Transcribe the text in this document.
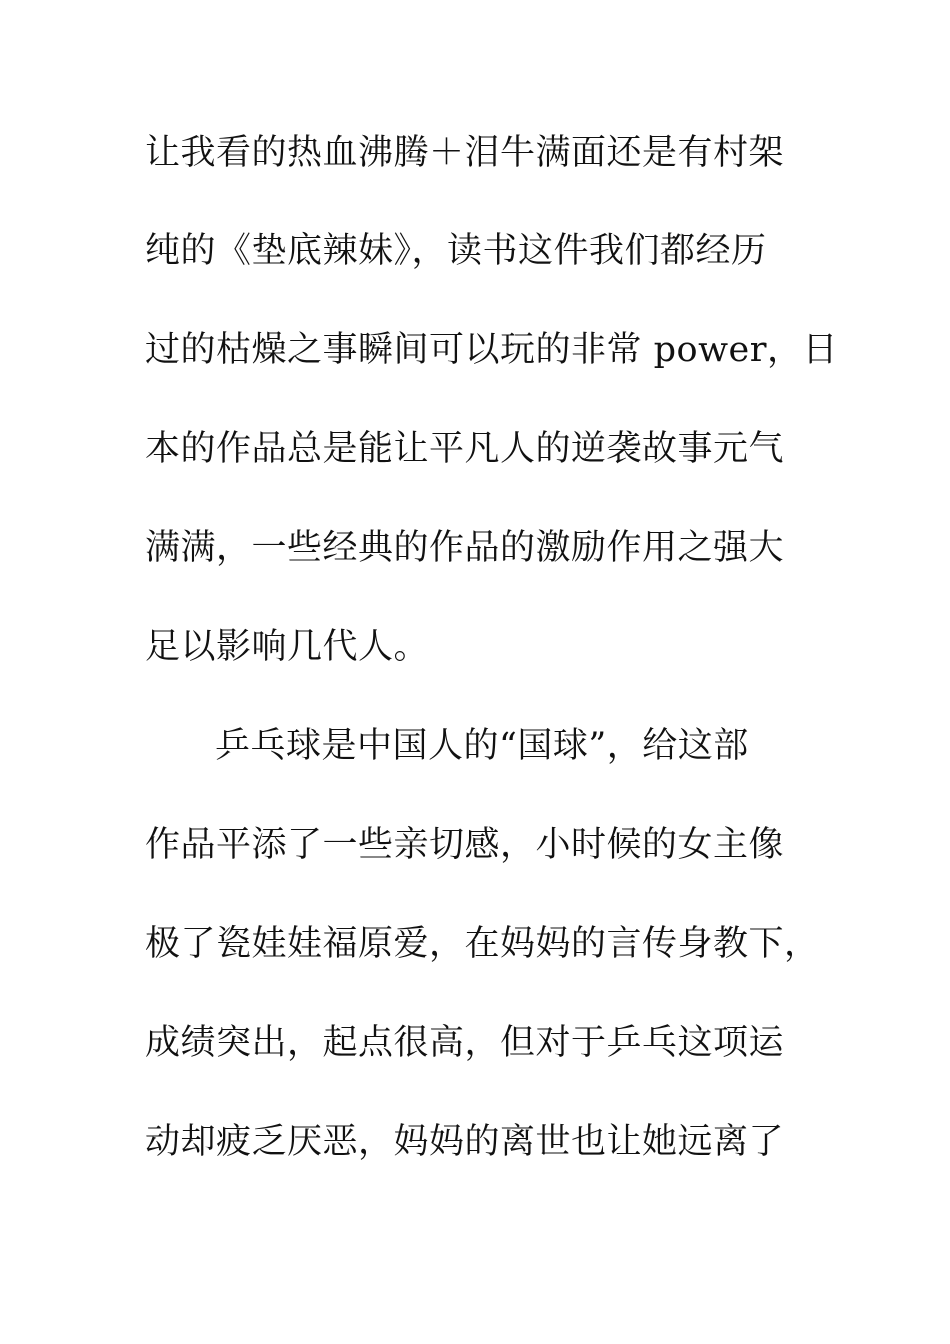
让我看的热血沸腾＋泪牛满面还是有村架
纯的《垫底辣妹》，读书这件我们都经历
过的枯燥之事瞬间可以玩的非常 power，日
本的作品总是能让平凡人的逆袭故事元气
满满，一些经典的作品的激励作用之强大
足以影响几代人。
乒乓球是中国人的“国球”，给这部
作品平添了一些亲切感，小时候的女主像
极了瓷娃娃福原爱，在妈妈的言传身教下，
成绩突出，起点很高，但对于乒乓这项运
动却疲乏厌恶，妈妈的离世也让她远离了
